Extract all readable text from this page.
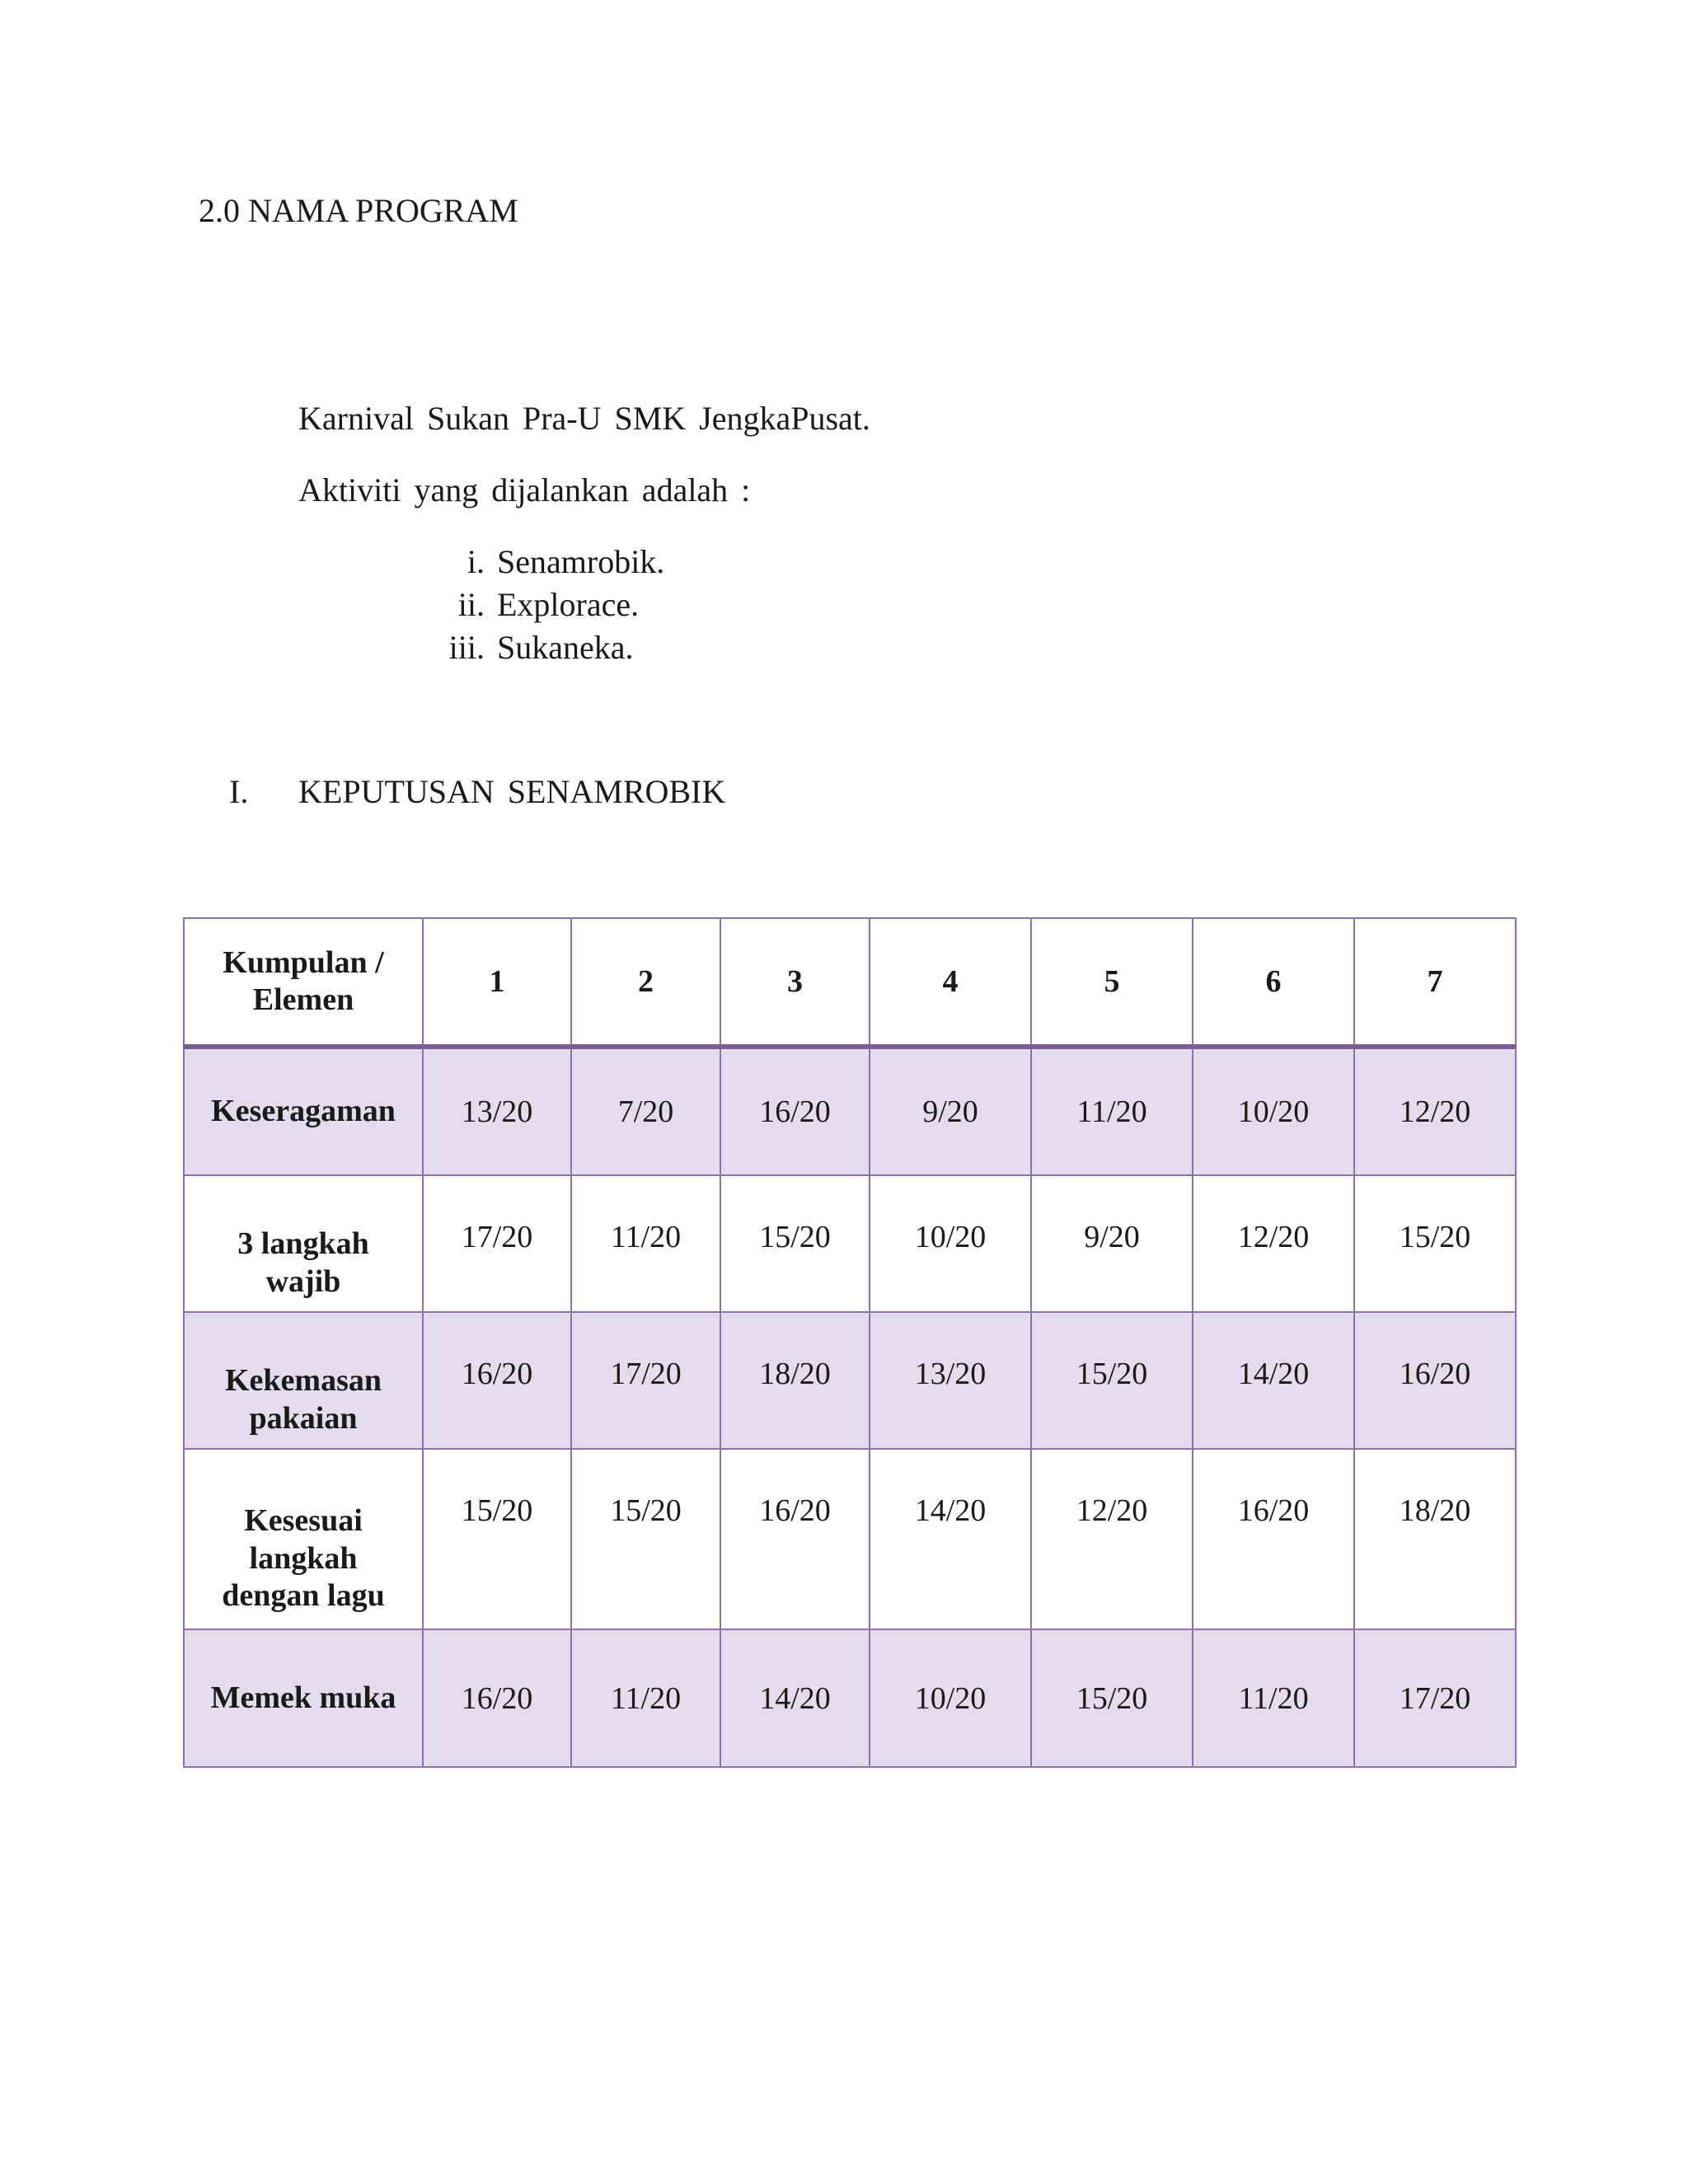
2.0 NAMA PROGRAM
Karnival Sukan Pra-U SMK JengkaPusat.
Aktiviti yang dijalankan adalah :
i. Senamrobik.
ii. Explorace.
iii. Sukaneka.
I. KEPUTUSAN SENAMROBIK
Kumpulan /
Elemen	1	2	3	4	5	6	7
Keseragaman	13/20	7/20	16/20	9/20	11/20	10/20	12/20
3 langkah
wajib	17/20	11/20	15/20	10/20	9/20	12/20	15/20
Kekemasan
pakaian	16/20	17/20	18/20	13/20	15/20	14/20	16/20
Kesesuai
langkah
dengan lagu	15/20	15/20	16/20	14/20	12/20	16/20	18/20
Memek muka	16/20	11/20	14/20	10/20	15/20	11/20	17/20
